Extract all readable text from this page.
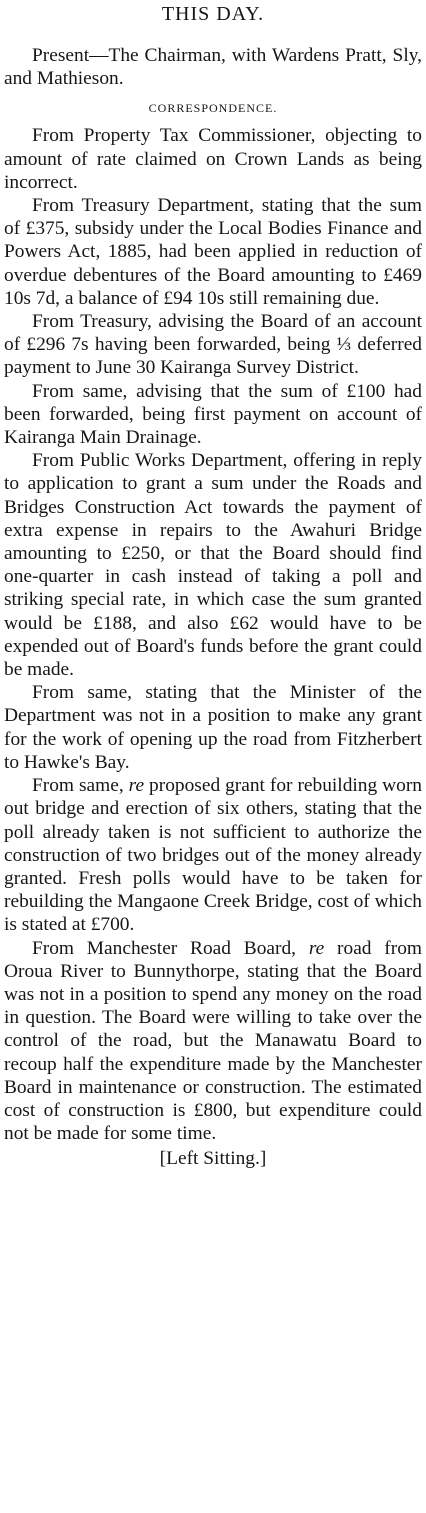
THIS DAY.

Present—The Chairman, with Wardens Pratt, Sly, and Mathieson.

CORRESPONDENCE.

From Property Tax Commissioner, objecting to amount of rate claimed on Crown Lands as being incorrect.

From Treasury Department, stating that the sum of £375, subsidy under the Local Bodies Finance and Powers Act, 1885, had been applied in reduction of overdue debentures of the Board amounting to £469 10s 7d, a balance of £94 10s still remaining due.

From Treasury, advising the Board of an account of £296 7s having been forwarded, being ⅓ deferred payment to June 30 Kairanga Survey District.

From same, advising that the sum of £100 had been forwarded, being first payment on account of Kairanga Main Drainage.

From Public Works Department, offering in reply to application to grant a sum under the Roads and Bridges Construction Act towards the payment of extra expense in repairs to the Awahuri Bridge amounting to £250, or that the Board should find one-quarter in cash instead of taking a poll and striking special rate, in which case the sum granted would be £188, and also £62 would have to be expended out of Board's funds before the grant could be made.

From same, stating that the Minister of the Department was not in a position to make any grant for the work of opening up the road from Fitzherbert to Hawke's Bay.

From same, re proposed grant for rebuilding worn out bridge and erection of six others, stating that the poll already taken is not sufficient to authorize the construction of two bridges out of the money already granted. Fresh polls would have to be taken for rebuilding the Mangaone Creek Bridge, cost of which is stated at £700.

From Manchester Road Board, re road from Oroua River to Bunnythorpe, stating that the Board was not in a position to spend any money on the road in question. The Board were willing to take over the control of the road, but the Manawatu Board to recoup half the expenditure made by the Manchester Board in maintenance or construction. The estimated cost of construction is £800, but expenditure could not be made for some time.

[Left Sitting.]
